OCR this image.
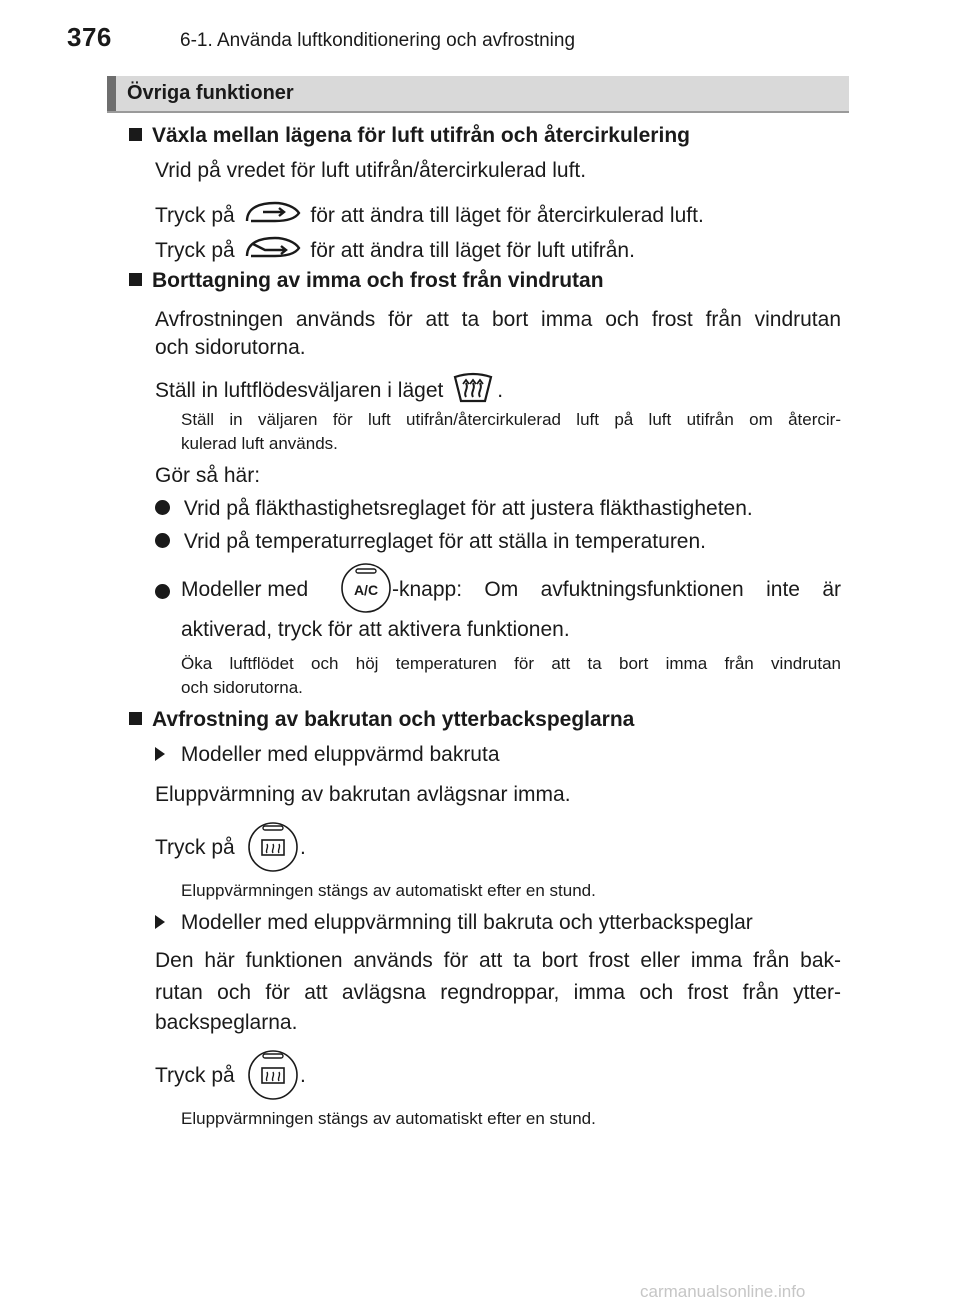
376	6-1. Använda luftkonditionering och avfrostning
Övriga funktioner
Växla mellan lägena för luft utifrån och återcirkulering
Vrid på vredet för luft utifrån/återcirkulerad luft.
Tryck på	för att ändra till läget för återcirkulerad luft.
Tryck på	för att ändra till läget för luft utifrån.
Borttagning av imma och frost från vindrutan
Avfrostningen används för att ta bort imma och frost från vindrutan
och sidorutorna.
Ställ in luftflödesväljaren i läget	.
Ställ in väljaren för luft utifrån/återcirkulerad luft på luft utifrån om återcir-
kulerad luft används.
Gör så här:
Vrid på fläkthastighetsreglaget för att justera fläkthastigheten.
Vrid på temperaturreglaget för att ställa in temperaturen.
Modeller med	A/C -knapp: Om avfuktningsfunktionen inte är
aktiverad, tryck för att aktivera funktionen.
Öka luftflödet och höj temperaturen för att ta bort imma från vindrutan
och sidorutorna.
Avfrostning av bakrutan och ytterbackspeglarna
Modeller med eluppvärmd bakruta
Eluppvärmning av bakrutan avlägsnar imma.
Tryck på	.
Eluppvärmningen stängs av automatiskt efter en stund.
Modeller med eluppvärmning till bakruta och ytterbackspeglar
Den här funktionen används för att ta bort frost eller imma från bak-
rutan och för att avlägsna regndroppar, imma och frost från ytter-
backspeglarna.
Tryck på	.
Eluppvärmningen stängs av automatiskt efter en stund.
carmanualsonline.info
